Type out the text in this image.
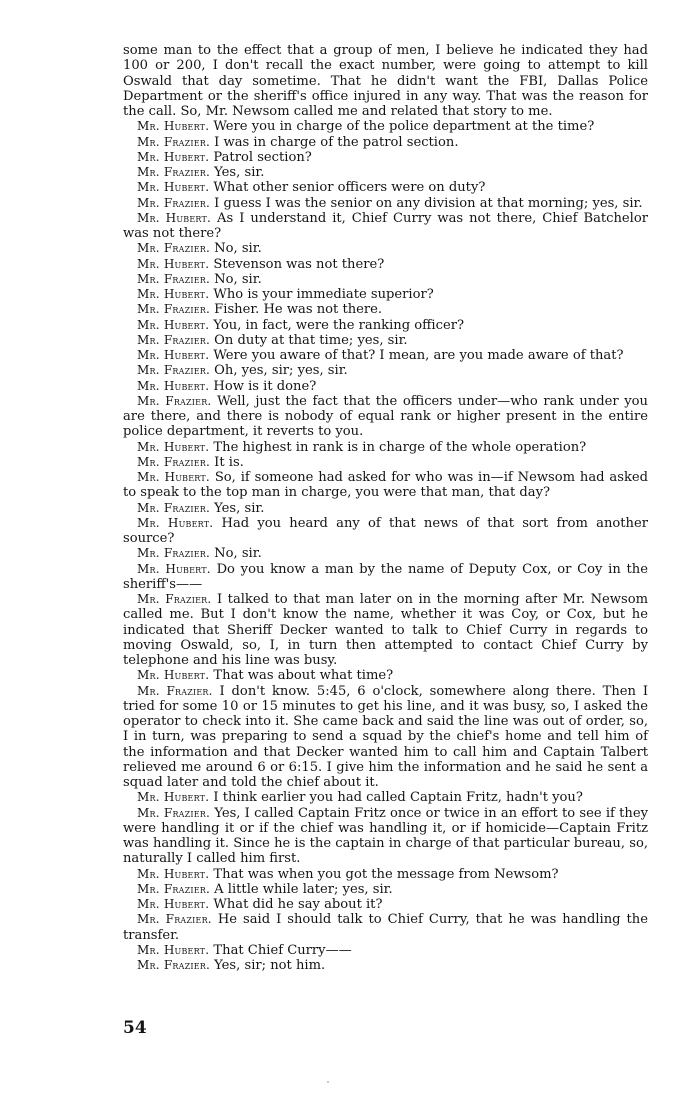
some man to the effect that a group of men, I believe he indicated they had 100 or 200, I don't recall the exact number, were going to attempt to kill Oswald that day sometime. That he didn't want the FBI, Dallas Police Department or the sheriff's office injured in any way. That was the reason for the call. So, Mr. Newsom called me and related that story to me.

Mr. Hubert. Were you in charge of the police department at the time?

Mr. Frazier. I was in charge of the patrol section.

Mr. Hubert. Patrol section?

Mr. Frazier. Yes, sir.

Mr. Hubert. What other senior officers were on duty?

Mr. Frazier. I guess I was the senior on any division at that morning; yes, sir.

Mr. Hubert. As I understand it, Chief Curry was not there, Chief Batchelor was not there?

Mr. Frazier. No, sir.

Mr. Hubert. Stevenson was not there?

Mr. Frazier. No, sir.

Mr. Hubert. Who is your immediate superior?

Mr. Frazier. Fisher. He was not there.

Mr. Hubert. You, in fact, were the ranking officer?

Mr. Frazier. On duty at that time; yes, sir.

Mr. Hubert. Were you aware of that? I mean, are you made aware of that?

Mr. Frazier. Oh, yes, sir; yes, sir.

Mr. Hubert. How is it done?

Mr. Frazier. Well, just the fact that the officers under—who rank under you are there, and there is nobody of equal rank or higher present in the entire police department, it reverts to you.

Mr. Hubert. The highest in rank is in charge of the whole operation?

Mr. Frazier. It is.

Mr. Hubert. So, if someone had asked for who was in—if Newsom had asked to speak to the top man in charge, you were that man, that day?

Mr. Frazier. Yes, sir.

Mr. Hubert. Had you heard any of that news of that sort from another source?

Mr. Frazier. No, sir.

Mr. Hubert. Do you know a man by the name of Deputy Cox, or Coy in the sheriff's——

Mr. Frazier. I talked to that man later on in the morning after Mr. Newsom called me. But I don't know the name, whether it was Coy, or Cox, but he indicated that Sheriff Decker wanted to talk to Chief Curry in regards to moving Oswald, so, I, in turn then attempted to contact Chief Curry by telephone and his line was busy.

Mr. Hubert. That was about what time?

Mr. Frazier. I don't know. 5:45, 6 o'clock, somewhere along there. Then I tried for some 10 or 15 minutes to get his line, and it was busy, so, I asked the operator to check into it. She came back and said the line was out of order, so, I in turn, was preparing to send a squad by the chief's home and tell him of the information and that Decker wanted him to call him and Captain Talbert relieved me around 6 or 6:15. I give him the information and he said he sent a squad later and told the chief about it.

Mr. Hubert. I think earlier you had called Captain Fritz, hadn't you?

Mr. Frazier. Yes, I called Captain Fritz once or twice in an effort to see if they were handling it or if the chief was handling it, or if homicide—Captain Fritz was handling it. Since he is the captain in charge of that particular bureau, so, naturally I called him first.

Mr. Hubert. That was when you got the message from Newsom?

Mr. Frazier. A little while later; yes, sir.

Mr. Hubert. What did he say about it?

Mr. Frazier. He said I should talk to Chief Curry, that he was handling the transfer.

Mr. Hubert. That Chief Curry——

Mr. Frazier. Yes, sir; not him.

54
